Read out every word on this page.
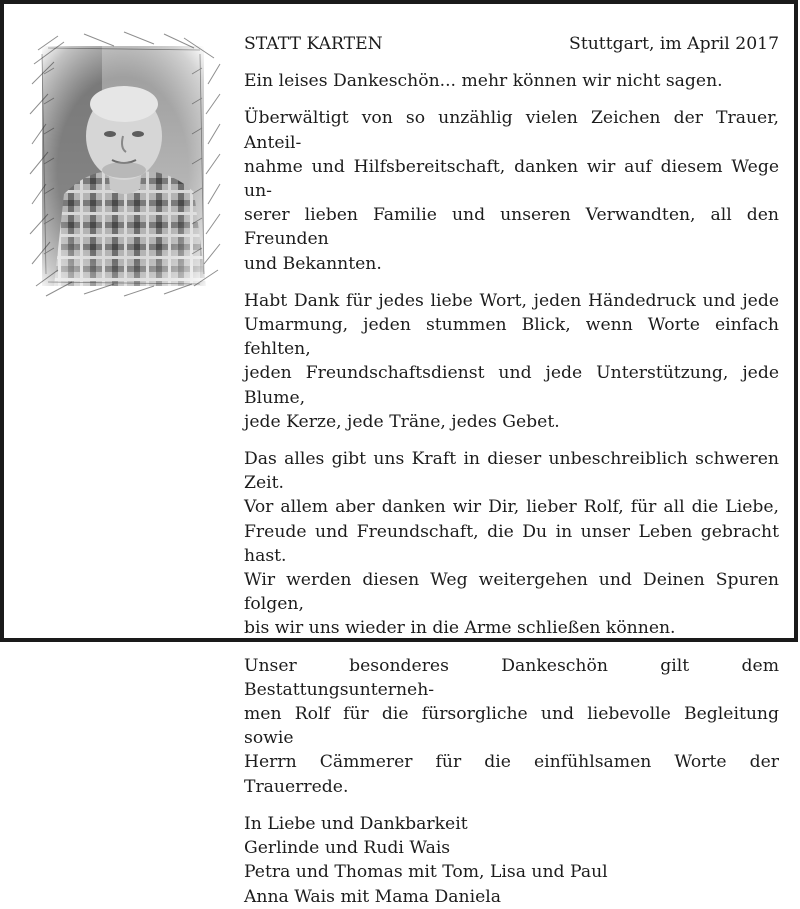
STATT KARTEN	Stuttgart, im April 2017
Ein leises Dankeschön... mehr können wir nicht sagen.
Überwältigt von so unzählig vielen Zeichen der Trauer, Anteil-
nahme und Hilfsbereitschaft, danken wir auf diesem Wege un-
serer lieben Familie und unseren Verwandten, all den Freunden
und Bekannten.
Habt Dank für jedes liebe Wort, jeden Händedruck und jede
Umarmung, jeden stummen Blick, wenn Worte einfach fehlten,
jeden Freundschaftsdienst und jede Unterstützung, jede Blume,
jede Kerze, jede Träne, jedes Gebet.
Das alles gibt uns Kraft in dieser unbeschreiblich schweren Zeit.
Vor allem aber danken wir Dir, lieber Rolf, für all die Liebe,
Freude und Freundschaft, die Du in unser Leben gebracht hast.
Wir werden diesen Weg weitergehen und Deinen Spuren folgen,
bis wir uns wieder in die Arme schließen können.
Unser besonderes Dankeschön gilt dem Bestattungsunterneh-
men Rolf für die fürsorgliche und liebevolle Begleitung sowie
Herrn Cämmerer für die einfühlsamen Worte der Trauerrede.
In Liebe und Dankbarkeit
Gerlinde und Rudi Wais
Petra und Thomas mit Tom, Lisa und Paul
Anna Wais mit Mama Daniela
